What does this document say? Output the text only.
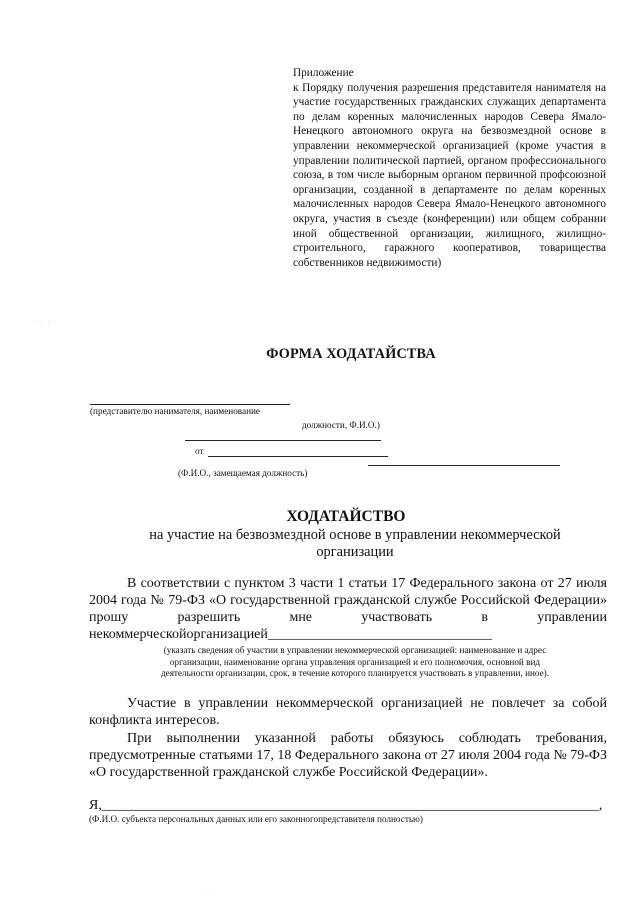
. . .
Приложение
к Порядку получения разрешения представителя нанимателя на участие государственных гражданских служащих департамента по делам коренных малочисленных народов Севера Ямало-Ненецкого автономного округа на безвозмездной основе в управлении некоммерческой организацией (кроме участия в управлении политической партией, органом профессионального союза, в том числе выборным органом первичной профсоюзной организации, созданной в департаменте по делам коренных малочисленных народов Севера Ямало-Ненецкого автономного округа, участия в съезде (конференции) или общем собрании иной общественной организации, жилищного, жилищно-строительного, гаражного кооперативов, товарищества собственников недвижимости)
ФОРМА ХОДАТАЙСТВА
(представителю нанимателя, наименование
должности, Ф.И.О.)
от
(Ф.И.О., замещаемая должность)
ХОДАТАЙСТВО
на участие на безвозмездной основе в управлении некоммерческой организации
В соответствии с пунктом 3 части 1 статьи 17 Федерального закона от 27 июля 2004 года № 79-ФЗ «О государственной гражданской службе Российской Федерации» прошу разрешить мне участвовать в управлении некоммерческойорганизацией________________________________
(указать сведения об участии в управлении некоммерческой организацией: наименование и адрес организации, наименование органа управления организацией и его полномочия, основной вид деятельности организации, срок, в течение которого планируется участвовать в управлении, иное).
Участие в управлении некоммерческой организацией не повлечет за собой конфликта интересов.
При выполнении указанной работы обязуюсь соблюдать требования, предусмотренные статьями 17, 18 Федерального закона от 27 июля 2004 года № 79-ФЗ «О государственной гражданской службе Российской Федерации».
Я,_______________________________________________________________________,
(Ф.И.О. субъекта персональных данных или его законногопредставителя полностью)
·
